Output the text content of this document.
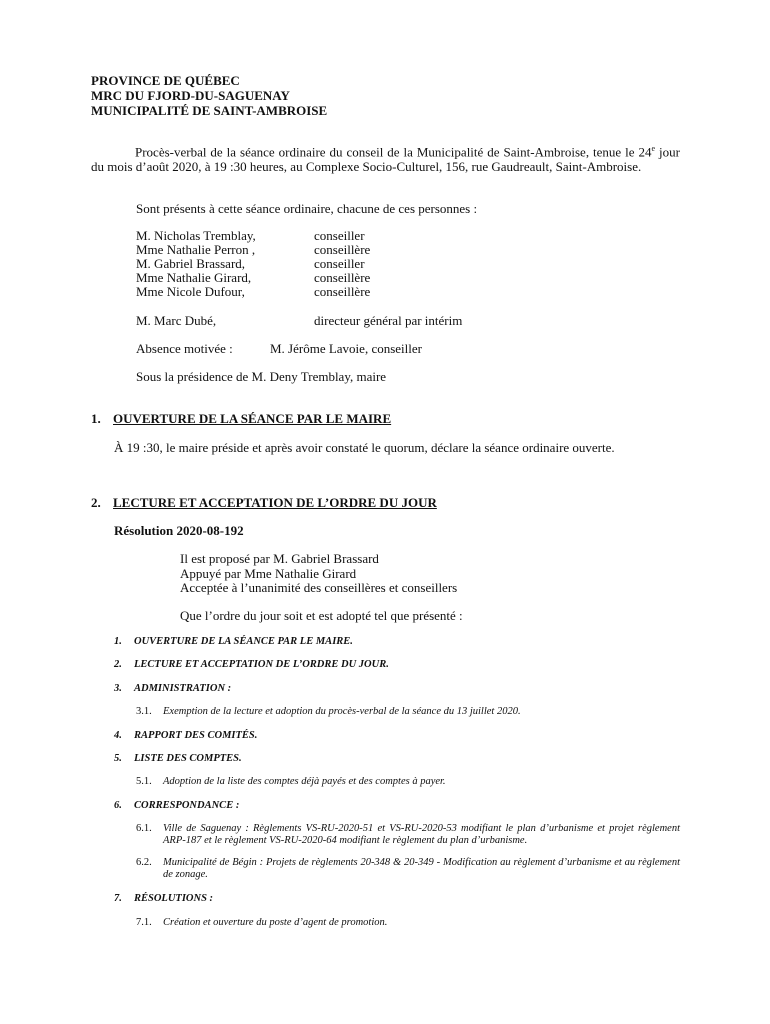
PROVINCE DE QUÉBEC
MRC DU FJORD-DU-SAGUENAY
MUNICIPALITÉ DE SAINT-AMBROISE
Procès-verbal de la séance ordinaire du conseil de la Municipalité de Saint-Ambroise, tenue le 24e jour du mois d’août 2020, à 19 :30 heures, au Complexe Socio-Culturel, 156, rue Gaudreault, Saint-Ambroise.
Sont présents à cette séance ordinaire, chacune de ces personnes :
M. Nicholas Tremblay,	conseiller
Mme Nathalie Perron ,	conseillère
M. Gabriel Brassard,	conseiller
Mme Nathalie Girard,	conseillère
Mme Nicole Dufour,	conseillère
M. Marc Dubé,	directeur général par intérim
Absence motivée :	M. Jérôme Lavoie, conseiller
Sous la présidence de M. Deny Tremblay, maire
1. OUVERTURE DE LA SÉANCE PAR LE MAIRE
À 19 :30, le maire préside et après avoir constaté le quorum, déclare la séance ordinaire ouverte.
2. LECTURE ET ACCEPTATION DE L’ORDRE DU JOUR
Résolution 2020-08-192
Il est proposé par M. Gabriel Brassard
Appuyé par Mme Nathalie Girard
Acceptée à l’unanimité des conseillères et conseillers
Que l’ordre du jour soit et est adopté tel que présenté :
1. OUVERTURE DE LA SÉANCE PAR LE MAIRE.
2. LECTURE ET ACCEPTATION DE L’ORDRE DU JOUR.
3. ADMINISTRATION :
3.1. Exemption de la lecture et adoption du procès-verbal de la séance du 13 juillet 2020.
4. RAPPORT DES COMITÉS.
5. LISTE DES COMPTES.
5.1. Adoption de la liste des comptes déjà payés et des comptes à payer.
6. CORRESPONDANCE :
6.1. Ville de Saguenay : Règlements VS-RU-2020-51 et VS-RU-2020-53 modifiant le plan d’urbanisme et projet règlement ARP-187 et le règlement VS-RU-2020-64 modifiant le règlement du plan d’urbanisme.
6.2. Municipalité de Bégin : Projets de règlements 20-348 & 20-349 - Modification au règlement d’urbanisme et au règlement de zonage.
7. RÉSOLUTIONS :
7.1. Création et ouverture du poste d’agent de promotion.
